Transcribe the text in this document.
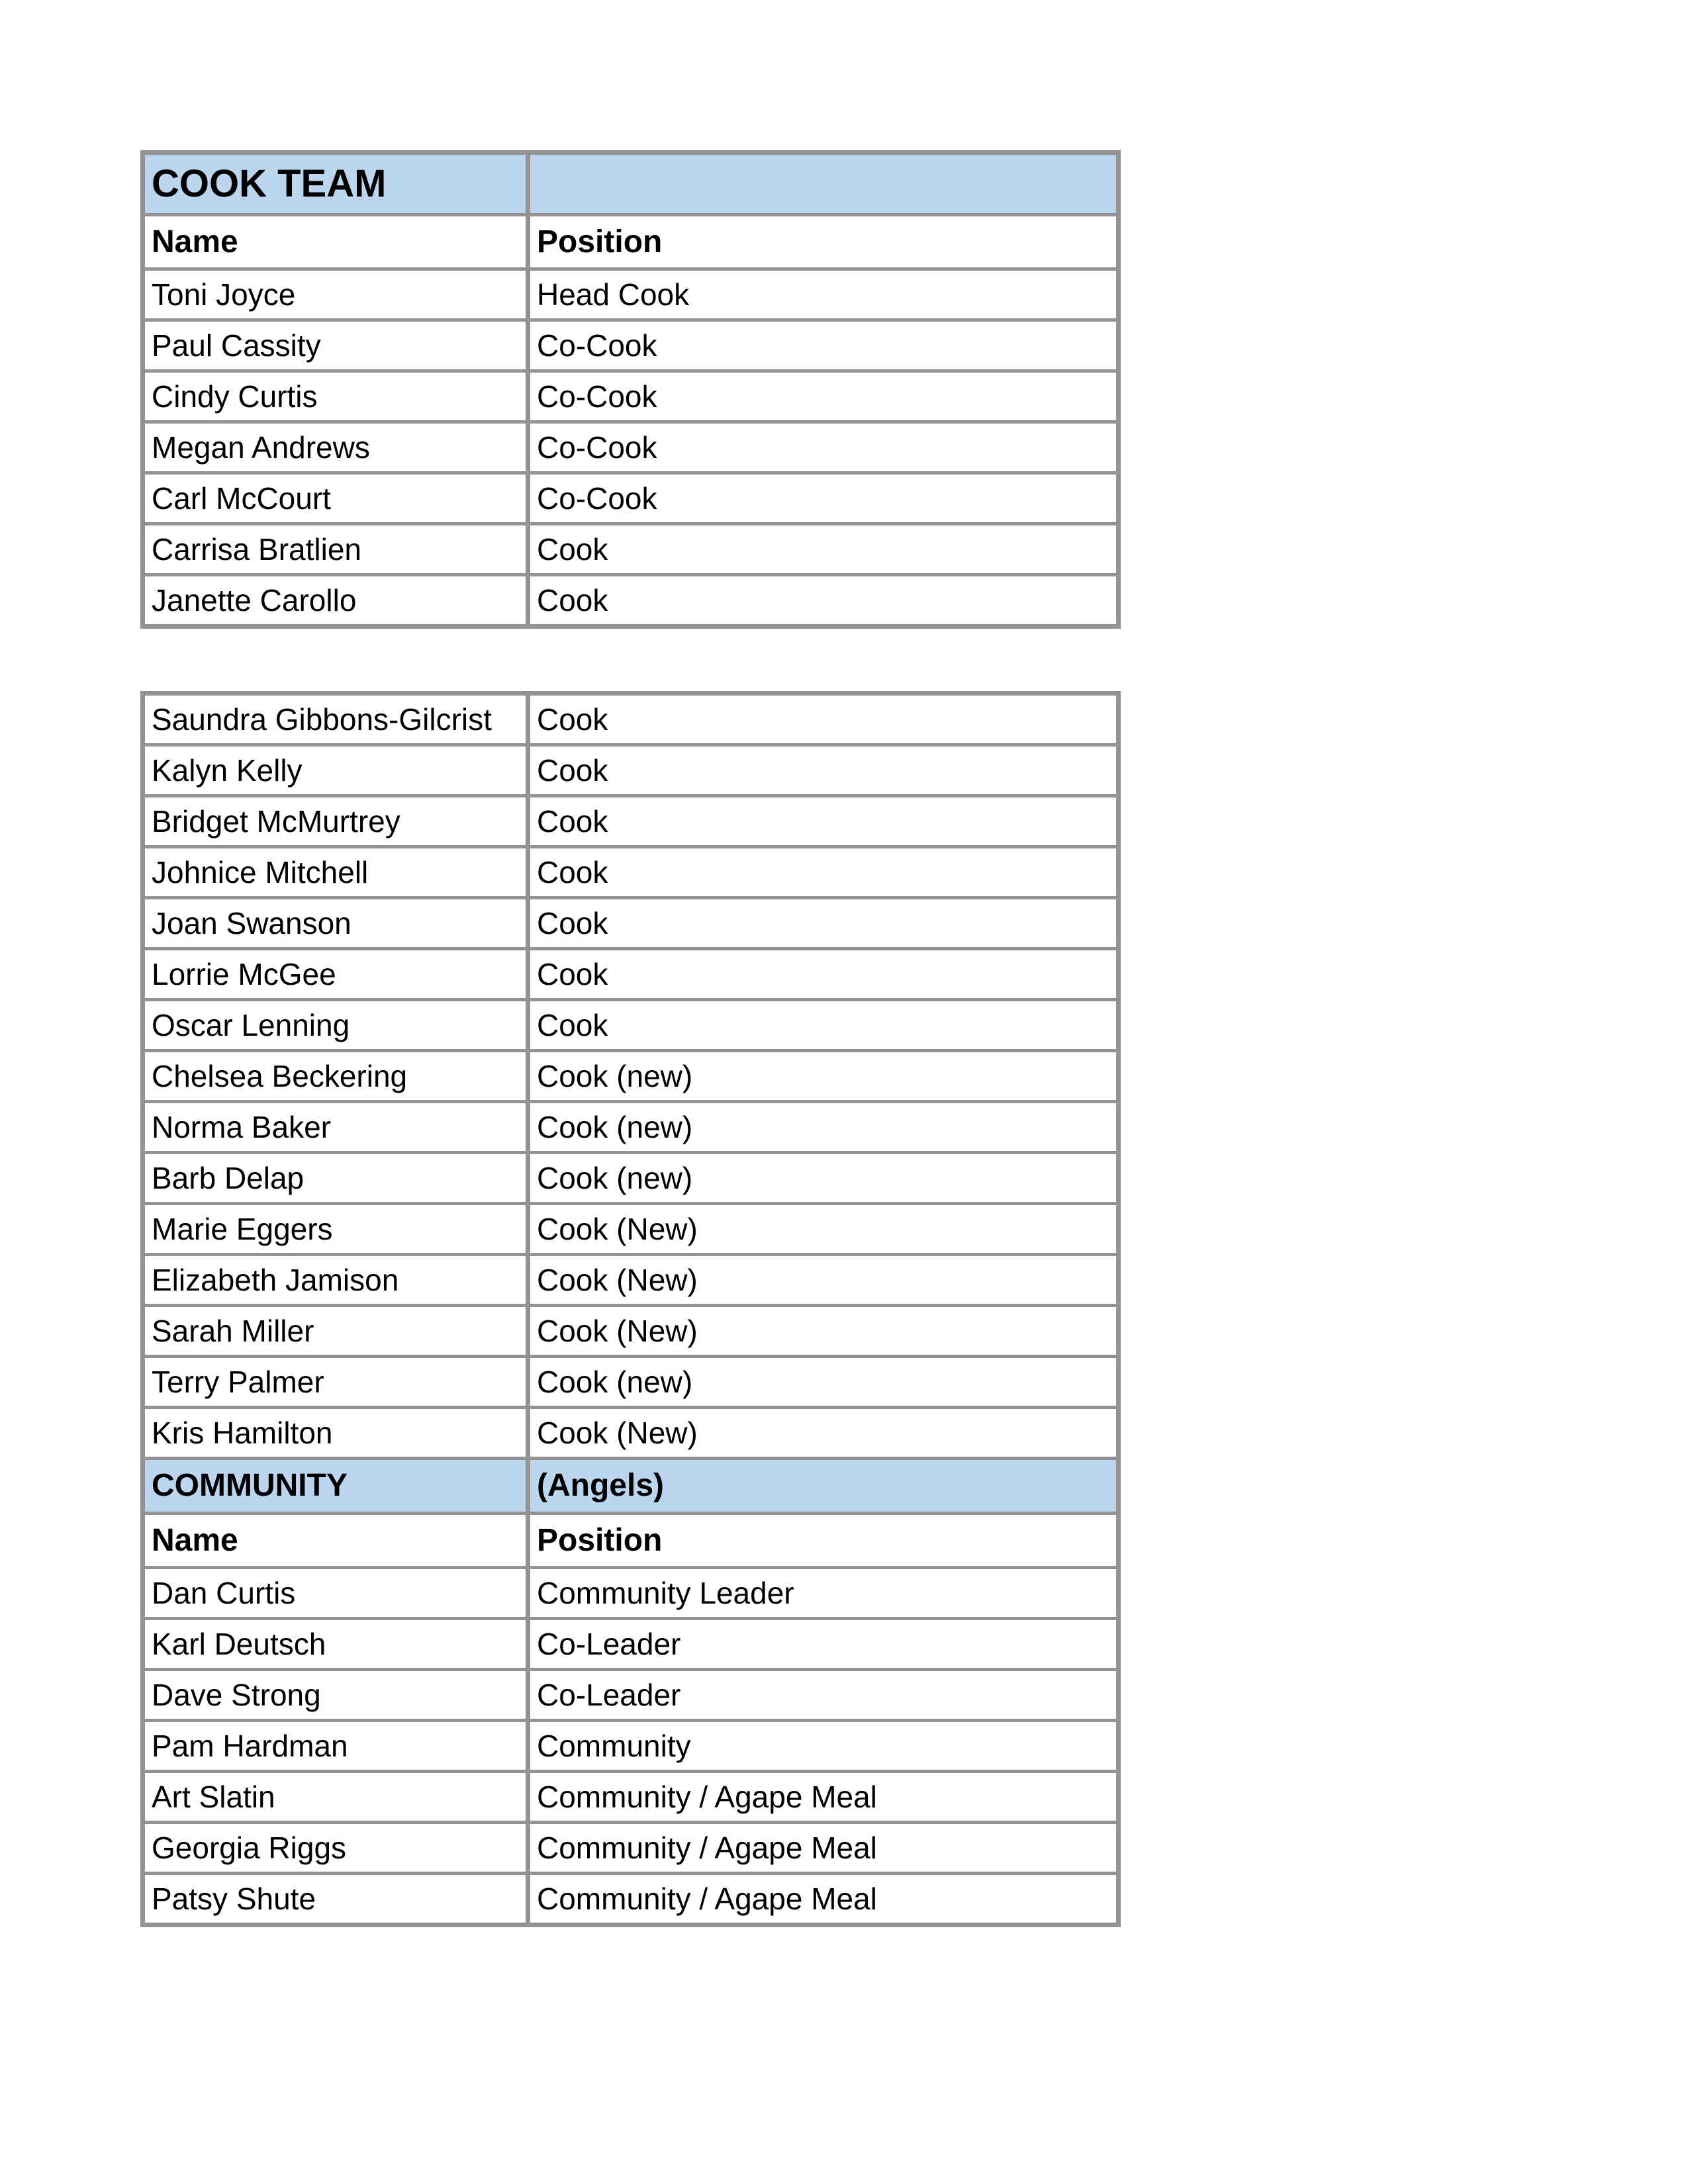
COOK TEAM	
Name	Position
Toni Joyce	Head Cook
Paul Cassity	Co-Cook
Cindy Curtis	Co-Cook
Megan Andrews	Co-Cook
Carl McCourt	Co-Cook
Carrisa Bratlien	Cook
Janette Carollo	Cook
Saundra Gibbons-Gilcrist	Cook
Kalyn Kelly	Cook
Bridget McMurtrey	Cook
Johnice Mitchell	Cook
Joan Swanson	Cook
Lorrie McGee	Cook
Oscar Lenning	Cook
Chelsea Beckering	Cook (new)
Norma Baker	Cook (new)
Barb Delap	Cook (new)
Marie Eggers	Cook (New)
Elizabeth Jamison	Cook (New)
Sarah Miller	Cook (New)
Terry Palmer	Cook (new)
Kris Hamilton	Cook (New)
COMMUNITY	(Angels)
Name	Position
Dan Curtis	Community Leader
Karl Deutsch	Co-Leader
Dave Strong	Co-Leader
Pam Hardman	Community
Art Slatin	Community / Agape Meal
Georgia Riggs	Community / Agape Meal
Patsy Shute	Community / Agape Meal
